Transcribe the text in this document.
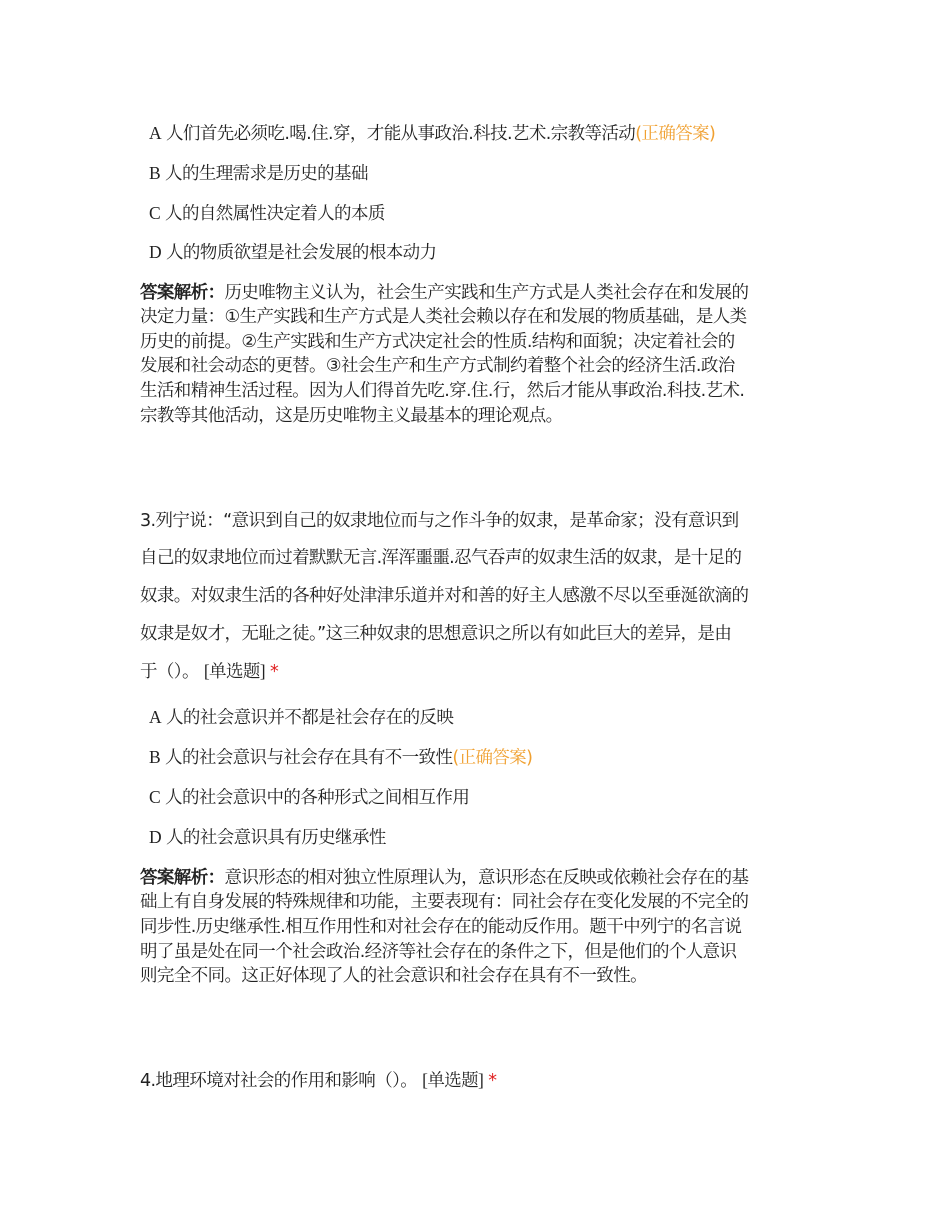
A 人们首先必须吃.喝.住.穿，才能从事政治.科技.艺术.宗教等活动(正确答案)
B 人的生理需求是历史的基础
C 人的自然属性决定着人的本质
D 人的物质欲望是社会发展的根本动力
答案解析：历史唯物主义认为，社会生产实践和生产方式是人类社会存在和发展的
决定力量：①生产实践和生产方式是人类社会赖以存在和发展的物质基础，是人类
历史的前提。②生产实践和生产方式决定社会的性质.结构和面貌；决定着社会的
发展和社会动态的更替。③社会生产和生产方式制约着整个社会的经济生活.政治
生活和精神生活过程。因为人们得首先吃.穿.住.行，然后才能从事政治.科技.艺术.
宗教等其他活动，这是历史唯物主义最基本的理论观点。
3.列宁说：“意识到自己的奴隶地位而与之作斗争的奴隶，是革命家；没有意识到
自己的奴隶地位而过着默默无言.浑浑噩噩.忍气吞声的奴隶生活的奴隶，是十足的
奴隶。对奴隶生活的各种好处津津乐道并对和善的好主人感激不尽以至垂涎欲滴的
奴隶是奴才，无耻之徒。”这三种奴隶的思想意识之所以有如此巨大的差异，是由
于（）。 [单选题] *
A 人的社会意识并不都是社会存在的反映
B 人的社会意识与社会存在具有不一致性(正确答案)
C 人的社会意识中的各种形式之间相互作用
D 人的社会意识具有历史继承性
答案解析：意识形态的相对独立性原理认为，意识形态在反映或依赖社会存在的基
础上有自身发展的特殊规律和功能，主要表现有：同社会存在变化发展的不完全的
同步性.历史继承性.相互作用性和对社会存在的能动反作用。题干中列宁的名言说
明了虽是处在同一个社会政治.经济等社会存在的条件之下，但是他们的个人意识
则完全不同。这正好体现了人的社会意识和社会存在具有不一致性。
4.地理环境对社会的作用和影响（）。 [单选题] *
